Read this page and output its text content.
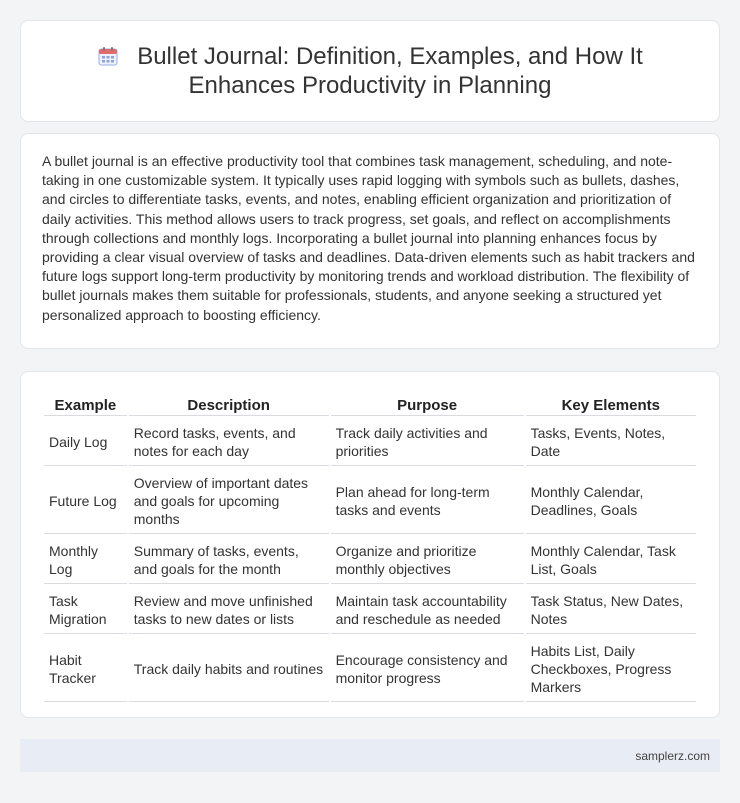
Bullet Journal: Definition, Examples, and How It
Enhances Productivity in Planning

A bullet journal is an effective productivity tool that combines task management, scheduling, and note-taking in one customizable system. It typically uses rapid logging with symbols such as bullets, dashes, and circles to differentiate tasks, events, and notes, enabling efficient organization and prioritization of daily activities. This method allows users to track progress, set goals, and reflect on accomplishments through collections and monthly logs. Incorporating a bullet journal into planning enhances focus by providing a clear visual overview of tasks and deadlines. Data-driven elements such as habit trackers and future logs support long-term productivity by monitoring trends and workload distribution. The flexibility of bullet journals makes them suitable for professionals, students, and anyone seeking a structured yet personalized approach to boosting efficiency.

Example	Description	Purpose	Key Elements
Daily Log	Record tasks, events, and notes for each day	Track daily activities and priorities	Tasks, Events, Notes, Date
Future Log	Overview of important dates and goals for upcoming months	Plan ahead for long-term tasks and events	Monthly Calendar, Deadlines, Goals
Monthly Log	Summary of tasks, events, and goals for the month	Organize and prioritize monthly objectives	Monthly Calendar, Task List, Goals
Task Migration	Review and move unfinished tasks to new dates or lists	Maintain task accountability and reschedule as needed	Task Status, New Dates, Notes
Habit Tracker	Track daily habits and routines	Encourage consistency and monitor progress	Habits List, Daily Checkboxes, Progress Markers
samplerz.com
